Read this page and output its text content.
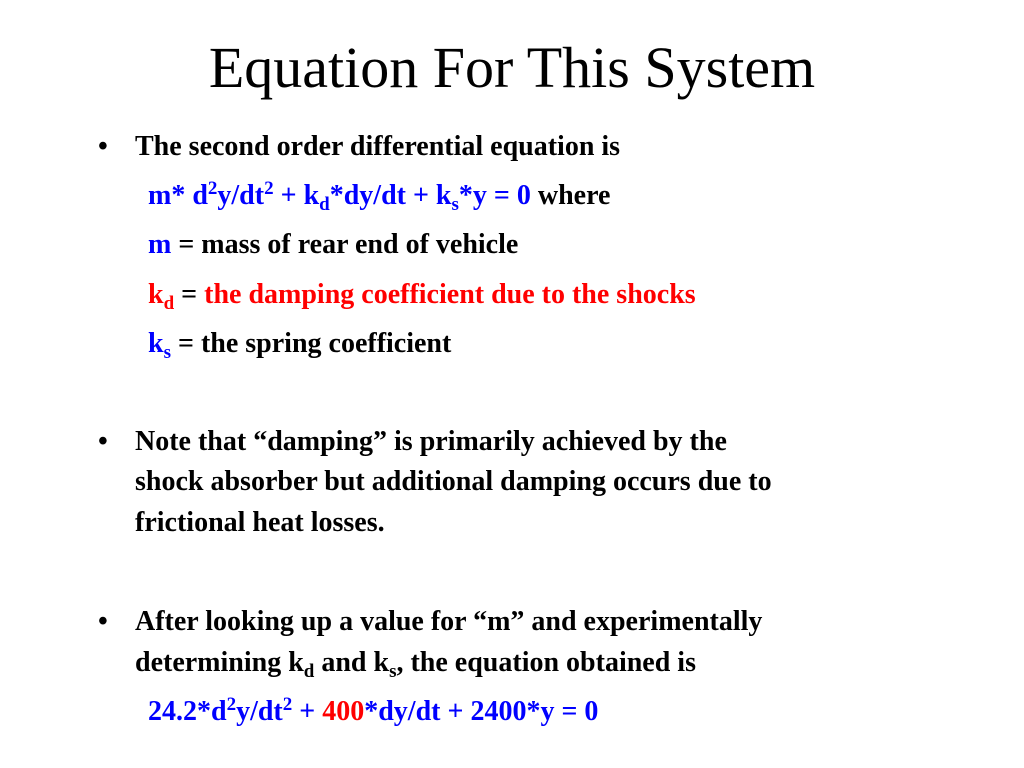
Equation For This System
• The second order differential equation is
m* $d^2y/dt^2 + k_d*dy/dt + k_s*y = 0$ where
m = mass of rear end of vehicle
$k_d$ = the damping coefficient due to the shocks
$k_s$ = the spring coefficient
• Note that “damping” is primarily achieved by the
shock absorber but additional damping occurs due to
frictional heat losses.
• After looking up a value for “m” and experimentally
determining $k_d$ and $k_s$, the equation obtained is
$24.2*d^2y/dt^2 + 400*dy/dt + 2400*y = 0$
